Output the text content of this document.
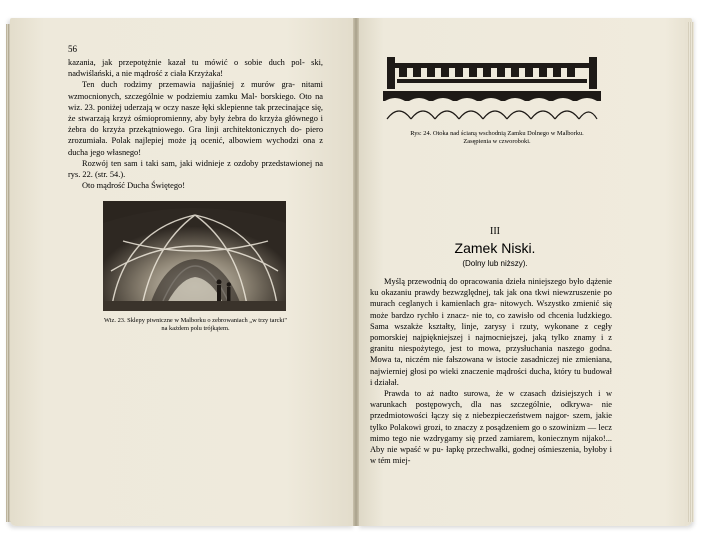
56

kazania, jak przepotężnie kazał tu mówić o sobie duch pol- ski, nadwiślański, a nie mądrość z ciała Krzyżaka!

Ten duch rodzimy przemawia najjaśniej z murów gra- nitami wzmocnionych, szczególnie w podziemiu zamku Mal- borskiego. Oto na wiz. 23. poniżej uderzają w oczy nasze łęki sklepienne tak przecinające się, że stwarzają krzyż ośmiopromienny, aby były żebra do krzyża głównego i żebra do krzyża przekątniowego. Gra linji architektonicznych do- piero zrozumiała. Polak najlepiej może ją ocenić, albowiem wychodzi ona z ducha jego własnego!

Rozwój ten sam i taki sam, jaki widnieje z ozdoby przedstawionej na rys. 22. (str. 54.).

Oto mądrość Ducha Świętego!

Wiz. 23. Sklepy piwniczne w Malborku o zebrowaniach „w trzy tarcki"
na każdem polu trójkątem.
Rys: 24. Otoka nad ścianą wschodnią Zamku Dolnego w Malborku.
Zasępienia w czworoboki.
III
Zamek Niski.
(Dolny lub niższy).

Myślą przewodnią do opracowania dzieła niniejszego było dążenie ku okazaniu prawdy bezwzględnej, tak jak ona tkwi niewzruszenie po murach ceglanych i kamienlach gra- nitowych. Wszystko zmienić się może bardzo rychło i znacz- nie to, co zawisło od chcenia ludzkiego. Sama wszakże kształty, linje, zarysy i rzuty, wykonane z cegły pomorskiej najpiękniejszej i najmocniejszej, jaką tylko znamy i z granitu niespożytego, jest to mowa, przysłuchania naszego godna. Mowa ta, niczém nie fałszowana w istocie zasadniczej nie zmieniana, najwierniej głosi po wieki znaczenie mądrości ducha, który tu budował i działał.

Prawda to aż nadto surowa, że w czasach dzisiejszych i w warunkach postępowych, dla nas szczególnie, odkrywa- nie przedmiotowości łączy się z niebezpieczeństwem najgor- szem, jakie tylko Polakowi grozi, to znaczy z posądzeniem go o szowinizm — lecz mimo tego nie wzdrygamy się przed zamiarem, koniecznym nijako!... Aby nie wpaść w pu- łapkę przechwałki, godnej ośmieszenia, byłoby i w tém miej-
